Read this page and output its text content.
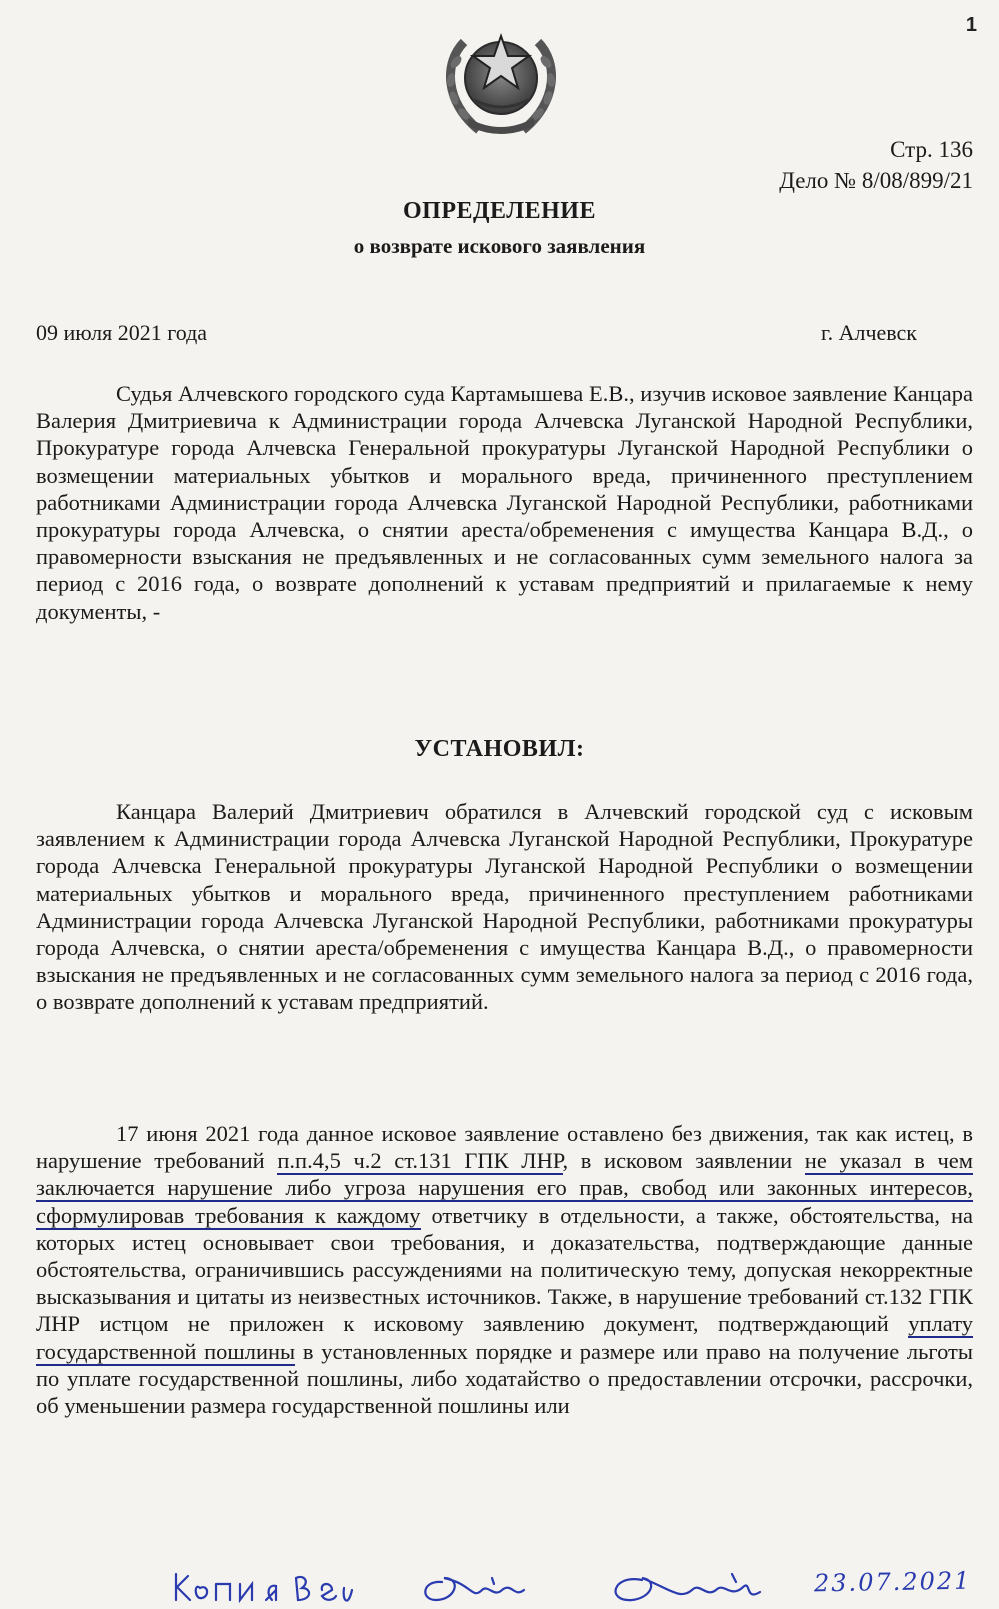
1
Стр. 136
Дело № 8/08/899/21
ОПРЕДЕЛЕНИЕ
о возврате искового заявления
09 июля 2021 года	г. Алчевск
Судья Алчевского городского суда Картамышева Е.В., изучив исковое заявление Канцара Валерия Дмитриевича к Администрации города Алчевска Луганской Народной Республики, Прокуратуре города Алчевска Генеральной прокуратуры Луганской Народной Республики о возмещении материальных убытков и морального вреда, причиненного преступлением работниками Администрации города Алчевска Луганской Народной Республики, работниками прокуратуры города Алчевска, о снятии ареста/обременения с имущества Канцара В.Д., о правомерности взыскания не предъявленных и не согласованных сумм земельного налога за период с 2016 года, о возврате дополнений к уставам предприятий и прилагаемые к нему документы, -
УСТАНОВИЛ:
Канцара Валерий Дмитриевич обратился в Алчевский городской суд с исковым заявлением к Администрации города Алчевска Луганской Народной Республики, Прокуратуре города Алчевска Генеральной прокуратуры Луганской Народной Республики о возмещении материальных убытков и морального вреда, причиненного преступлением работниками Администрации города Алчевска Луганской Народной Республики, работниками прокуратуры города Алчевска, о снятии ареста/обременения с имущества Канцара В.Д., о правомерности взыскания не предъявленных и не согласованных сумм земельного налога за период с 2016 года, о возврате дополнений к уставам предприятий.
17 июня 2021 года данное исковое заявление оставлено без движения, так как истец, в нарушение требований п.п.4,5 ч.2 ст.131 ГПК ЛНР, в исковом заявлении не указал в чем заключается нарушение либо угроза нарушения его прав, свобод или законных интересов, сформулировав требования к каждому ответчику в отдельности, а также, обстоятельства, на которых истец основывает свои требования, и доказательства, подтверждающие данные обстоятельства, ограничившись рассуждениями на политическую тему, допуская некорректные высказывания и цитаты из неизвестных источников. Также, в нарушение требований ст.132 ГПК ЛНР истцом не приложен к исковому заявлению документ, подтверждающий уплату государственной пошлины в установленных порядке и размере или право на получение льготы по уплате государственной пошлины, либо ходатайство о предоставлении отсрочки, рассрочки, об уменьшении размера государственной пошлины или
23.07.2021
